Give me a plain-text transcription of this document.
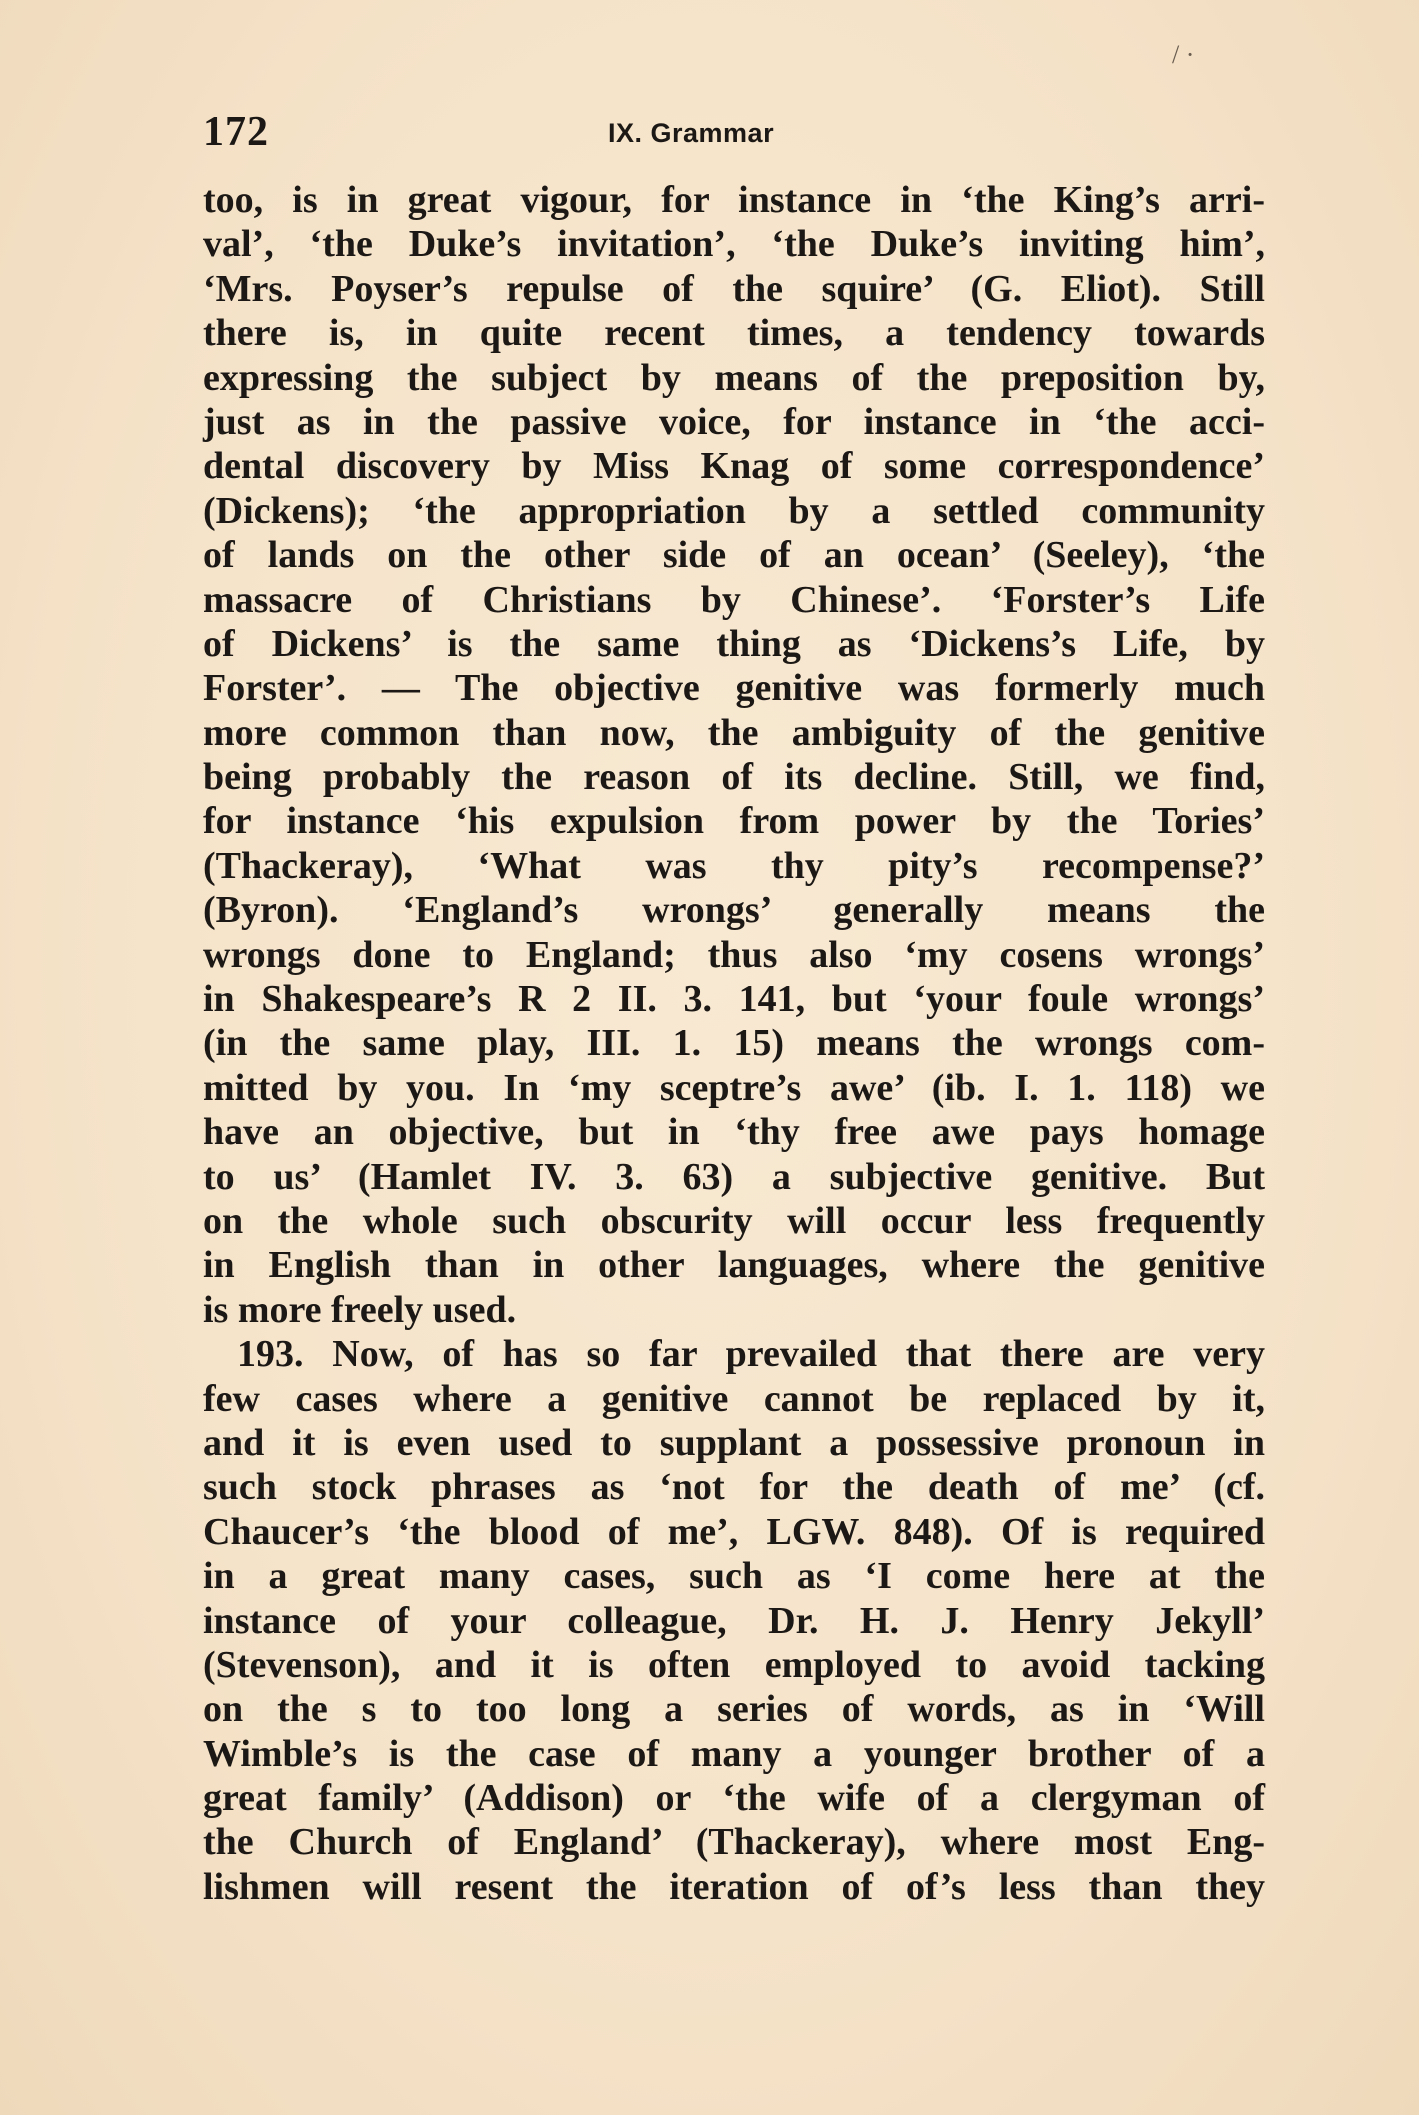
/ ·
172	IX. Grammar
too, is in great vigour, for instance in ‘the King’s arri-
val’, ‘the Duke’s invitation’, ‘the Duke’s inviting him’,
‘Mrs. Poyser’s repulse of the squire’ (G. Eliot). Still
there is, in quite recent times, a tendency towards
expressing the subject by means of the preposition by,
just as in the passive voice, for instance in ‘the acci-
dental discovery by Miss Knag of some correspondence’
(Dickens); ‘the appropriation by a settled community
of lands on the other side of an ocean’ (Seeley), ‘the
massacre of Christians by Chinese’. ‘Forster’s Life
of Dickens’ is the same thing as ‘Dickens’s Life, by
Forster’. — The objective genitive was formerly much
more common than now, the ambiguity of the genitive
being probably the reason of its decline. Still, we find,
for instance ‘his expulsion from power by the Tories’
(Thackeray), ‘What was thy pity’s recompense?’
(Byron). ‘England’s wrongs’ generally means the
wrongs done to England; thus also ‘my cosens wrongs’
in Shakespeare’s R 2 II. 3. 141, but ‘your foule wrongs’
(in the same play, III. 1. 15) means the wrongs com-
mitted by you. In ‘my sceptre’s awe’ (ib. I. 1. 118) we
have an objective, but in ‘thy free awe pays homage
to us’ (Hamlet IV. 3. 63) a subjective genitive. But
on the whole such obscurity will occur less frequently
in English than in other languages, where the genitive
is more freely used.
193. Now, of has so far prevailed that there are very
few cases where a genitive cannot be replaced by it,
and it is even used to supplant a possessive pronoun in
such stock phrases as ‘not for the death of me’ (cf.
Chaucer’s ‘the blood of me’, LGW. 848). Of is required
in a great many cases, such as ‘I come here at the
instance of your colleague, Dr. H. J. Henry Jekyll’
(Stevenson), and it is often employed to avoid tacking
on the s to too long a series of words, as in ‘Will
Wimble’s is the case of many a younger brother of a
great family’ (Addison) or ‘the wife of a clergyman of
the Church of England’ (Thackeray), where most Eng-
lishmen will resent the iteration of of’s less than they
